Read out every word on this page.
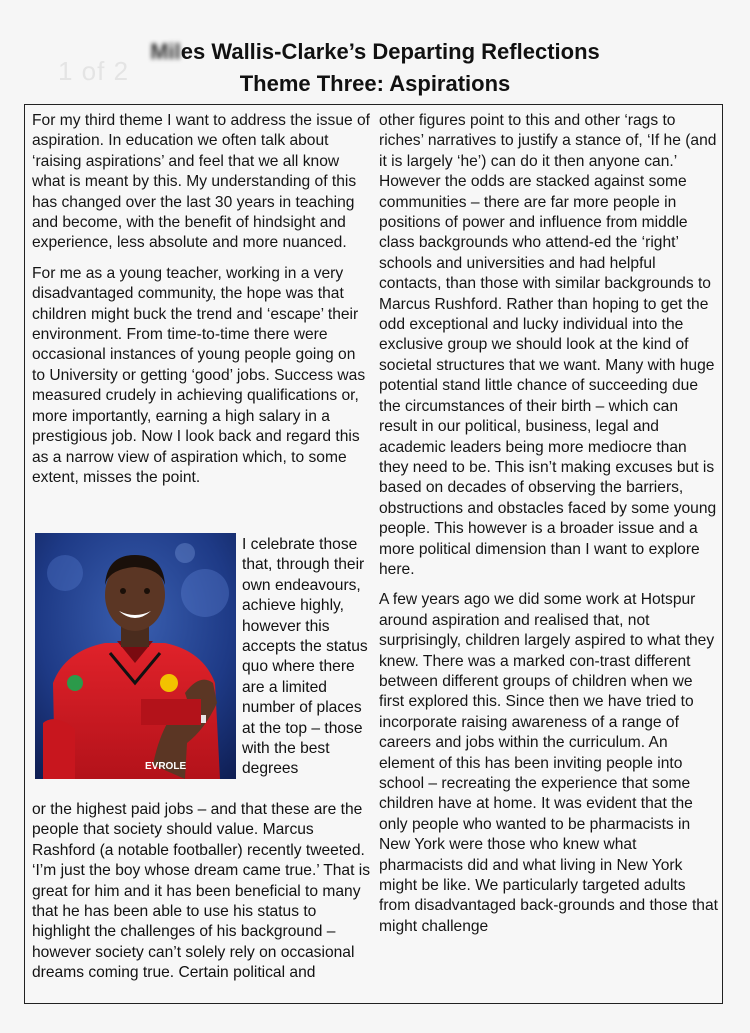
1 of 2
Miles Wallis-Clarke’s Departing Reflections
Theme Three: Aspirations

For my third theme I want to address the issue of aspiration. In education we often talk about ‘raising aspirations’ and feel that we all know what is meant by this. My understanding of this has changed over the last 30 years in teaching and become, with the benefit of hindsight and experience, less absolute and more nuanced.

For me as a young teacher, working in a very disadvantaged community, the hope was that children might buck the trend and ‘escape’ their environment. From time-to-time there were occasional instances of young people going on to University or getting ‘good’ jobs. Success was measured crudely in achieving qualifications or, more importantly, earning a high salary in a prestigious job. Now I look back and regard this as a narrow view of aspiration which, to some extent, misses the point.

EVROLE
I celebrate those that, through their own endeavours, achieve highly, however this accepts the status quo where there are a limited number of places at the top – those with the best degrees
or the highest paid jobs – and that these are the people that society should value. Marcus Rashford (a notable footballer) recently tweeted. ‘I’m just the boy whose dream came true.’ That is great for him and it has been beneficial to many that he has been able to use his status to highlight the challenges of his background – however society can’t solely rely on occasional dreams coming true. Certain political and

other figures point to this and other ‘rags to riches’ narratives to justify a stance of, ‘If he (and it is largely ‘he’) can do it then anyone can.’ However the odds are stacked against some communities – there are far more people in positions of power and influence from middle class backgrounds who attend-ed the ‘right’ schools and universities and had helpful contacts, than those with similar backgrounds to Marcus Rushford. Rather than hoping to get the odd exceptional and lucky individual into the exclusive group we should look at the kind of societal structures that we want. Many with huge potential stand little chance of succeeding due the circumstances of their birth – which can result in our political, business, legal and academic leaders being more mediocre than they need to be. This isn’t making excuses but is based on decades of observing the barriers, obstructions and obstacles faced by some young people. This however is a broader issue and a more political dimension than I want to explore here.

A few years ago we did some work at Hotspur around aspiration and realised that, not surprisingly, children largely aspired to what they knew. There was a marked con-trast different between different groups of children when we first explored this. Since then we have tried to incorporate raising awareness of a range of careers and jobs within the curriculum. An element of this has been inviting people into school – recreating the experience that some children have at home. It was evident that the only people who wanted to be pharmacists in New York were those who knew what pharmacists did and what living in New York might be like. We particularly targeted adults from disadvantaged back-grounds and those that might challenge
